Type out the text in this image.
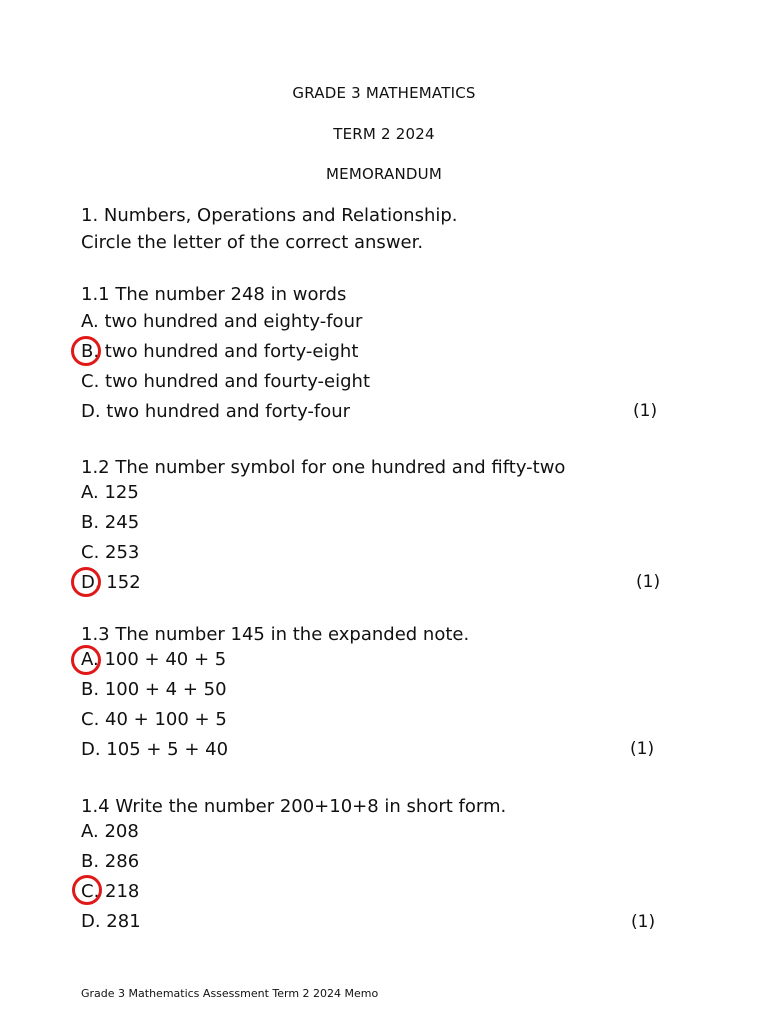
GRADE 3 MATHEMATICS
TERM 2 2024
MEMORANDUM
1. Numbers, Operations and Relationship.
Circle the letter of the correct answer.
1.1 The number 248 in words
A. two hundred and eighty-four
B. two hundred and forty-eight
C. two hundred and fourty-eight
D. two hundred and forty-four	(1)
1.2 The number symbol for one hundred and fifty-two
A. 125
B. 245
C. 253
D. 152	(1)
1.3 The number 145 in the expanded note.
A. 100 + 40 + 5
B. 100 + 4 + 50
C. 40 + 100 + 5
D. 105 + 5 + 40	(1)
1.4 Write the number 200+10+8 in short form.
A. 208
B. 286
C. 218
D. 281	(1)
Grade 3 Mathematics Assessment Term 2 2024 Memo
